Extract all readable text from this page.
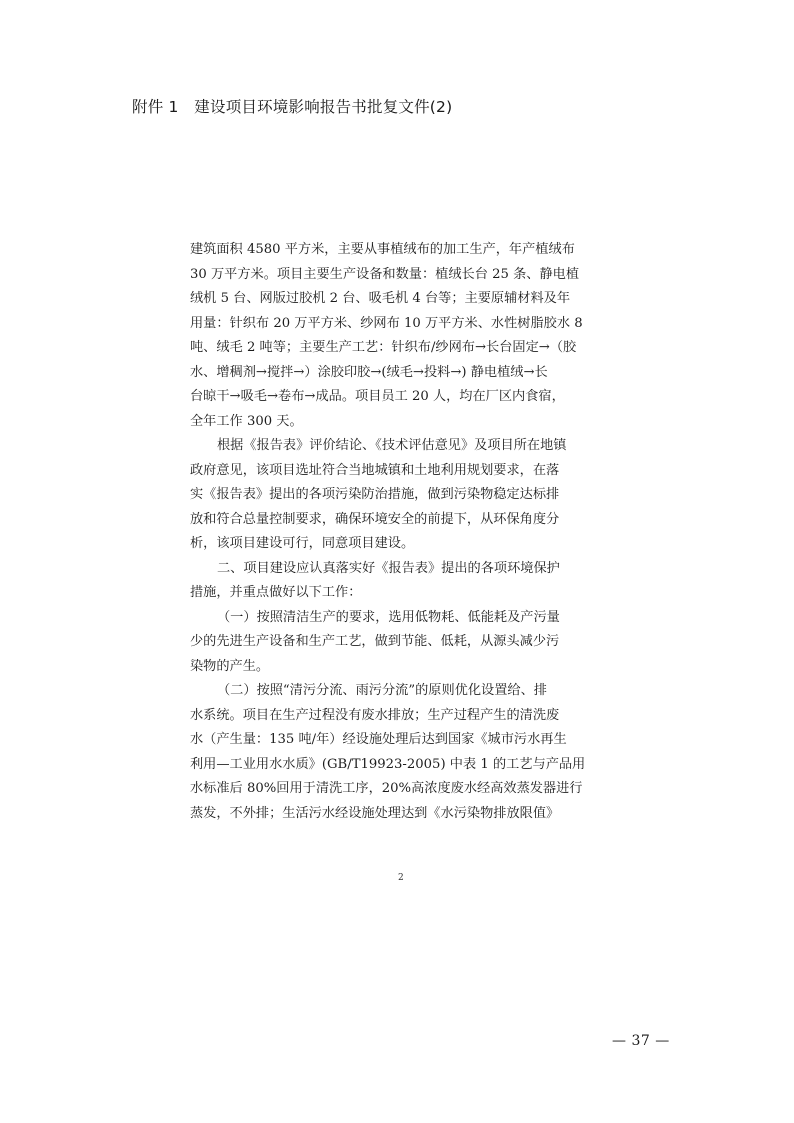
附件 1　建设项目环境影响报告书批复文件(2)
建筑面积 4580 平方米，主要从事植绒布的加工生产，年产植绒布
30 万平方米。项目主要生产设备和数量：植绒长台 25 条、静电植
绒机 5 台、网版过胶机 2 台、吸毛机 4 台等；主要原辅材料及年
用量：针织布 20 万平方米、纱网布 10 万平方米、水性树脂胶水 8
吨、绒毛 2 吨等；主要生产工艺：针织布/纱网布→长台固定→（胶
水、增稠剂→搅拌→）涂胶印胶→(绒毛→投料→) 静电植绒→长
台晾干→吸毛→卷布→成品。项目员工 20 人，均在厂区内食宿，
全年工作 300 天。
根据《报告表》评价结论、《技术评估意见》及项目所在地镇
政府意见，该项目选址符合当地城镇和土地利用规划要求，在落
实《报告表》提出的各项污染防治措施，做到污染物稳定达标排
放和符合总量控制要求，确保环境安全的前提下，从环保角度分
析，该项目建设可行，同意项目建设。
二、项目建设应认真落实好《报告表》提出的各项环境保护
措施，并重点做好以下工作：
（一）按照清洁生产的要求，选用低物耗、低能耗及产污量
少的先进生产设备和生产工艺，做到节能、低耗，从源头减少污
染物的产生。
（二）按照“清污分流、雨污分流”的原则优化设置给、排
水系统。项目在生产过程没有废水排放；生产过程产生的清洗废
水（产生量：135 吨/年）经设施处理后达到国家《城市污水再生
利用—工业用水水质》(GB/T19923-2005) 中表 1 的工艺与产品用
水标准后 80%回用于清洗工序，20%高浓度废水经高效蒸发器进行
蒸发，不外排；生活污水经设施处理达到《水污染物排放限值》
2
— 37 —
